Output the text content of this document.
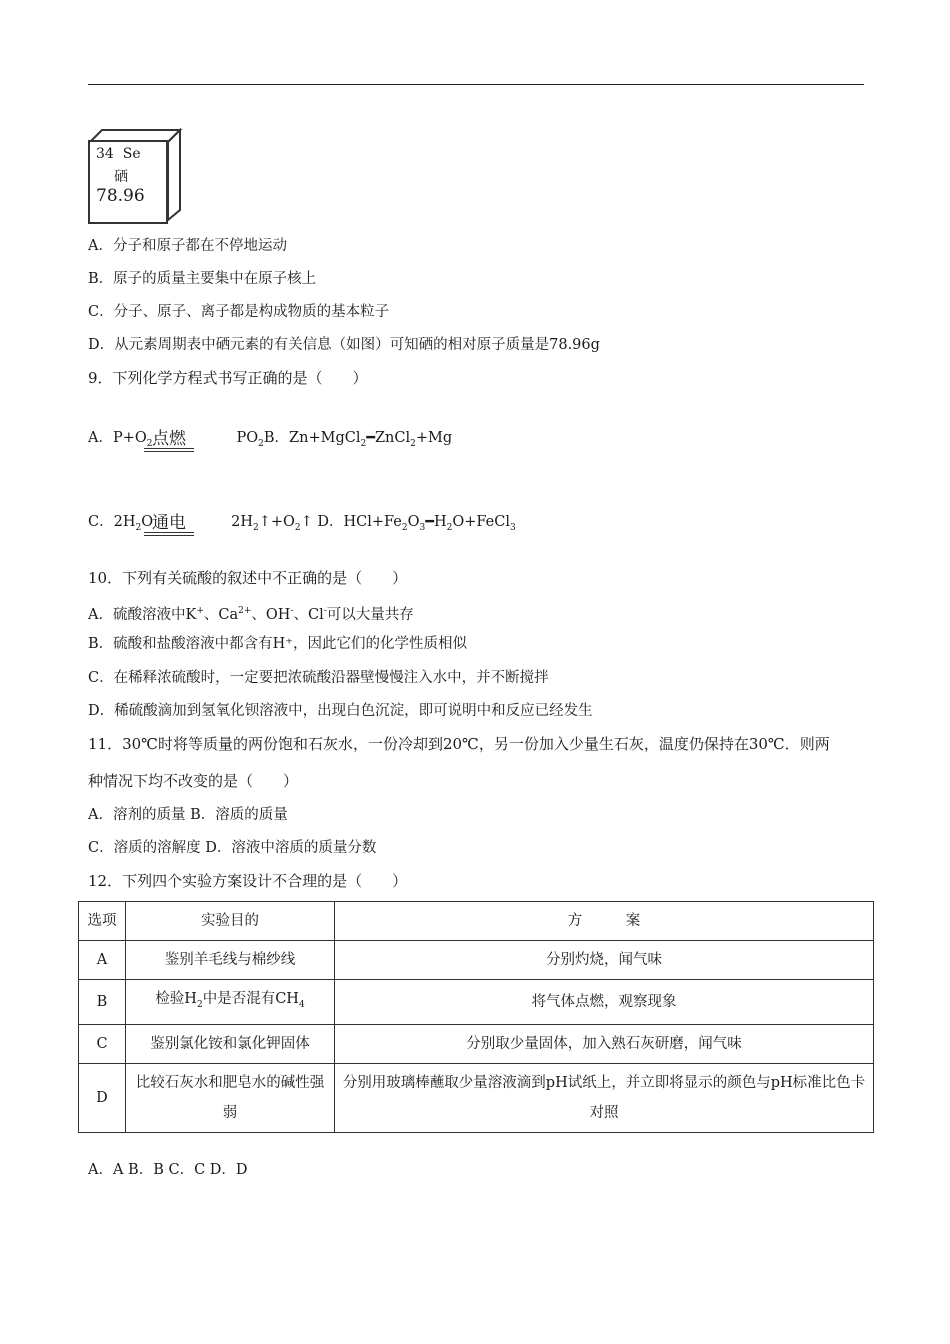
34 Se
硒
78.96
A．分子和原子都在不停地运动
B．原子的质量主要集中在原子核上
C．分子、原子、离子都是构成物质的基本粒子
D．从元素周期表中硒元素的有关信息（如图）可知硒的相对原子质量是78.96g
9．下列化学方程式书写正确的是（　　）
A．$P+O_2$	$PO_2B$．Zn+MgCl$_2$━ZnCl$_2$+Mg
点燃
C．$2H_2O$	$2H_2↑+O_2↑$ D．$HCl+Fe_2O_3━H_2O+FeCl_3$
通电
10．下列有关硫酸的叙述中不正确的是（　　）
A．硫酸溶液中K+、$Ca^{2+}$、OH-、Cl-可以大量共存
B．硫酸和盐酸溶液中都含有H⁺，因此它们的化学性质相似
C．在稀释浓硫酸时，一定要把浓硫酸沿器壁慢慢注入水中，并不断搅拌
D．稀硫酸滴加到氢氧化钡溶液中，出现白色沉淀，即可说明中和反应已经发生
11．30℃时将等质量的两份饱和石灰水，一份冷却到20℃，另一份加入少量生石灰，温度仍保持在30℃．则两
种情况下均不改变的是（　　）
A．溶剂的质量 B．溶质的质量
C．溶质的溶解度 D．溶液中溶质的质量分数
12．下列四个实验方案设计不合理的是（　　）
选项	实验目的	方　　　案
A	鉴别羊毛线与棉纱线	分别灼烧，闻气味
B	检验$H_2$中是否混有$CH_4$	将气体点燃，观察现象
C	鉴别氯化铵和氯化钾固体	分别取少量固体，加入熟石灰研磨，闻气味
D	比较石灰水和肥皂水的碱性强弱	分别用玻璃棒蘸取少量溶液滴到pH试纸上，并立即将显示的颜色与pH标准比色卡对照
A．A B．B C．C D．D
